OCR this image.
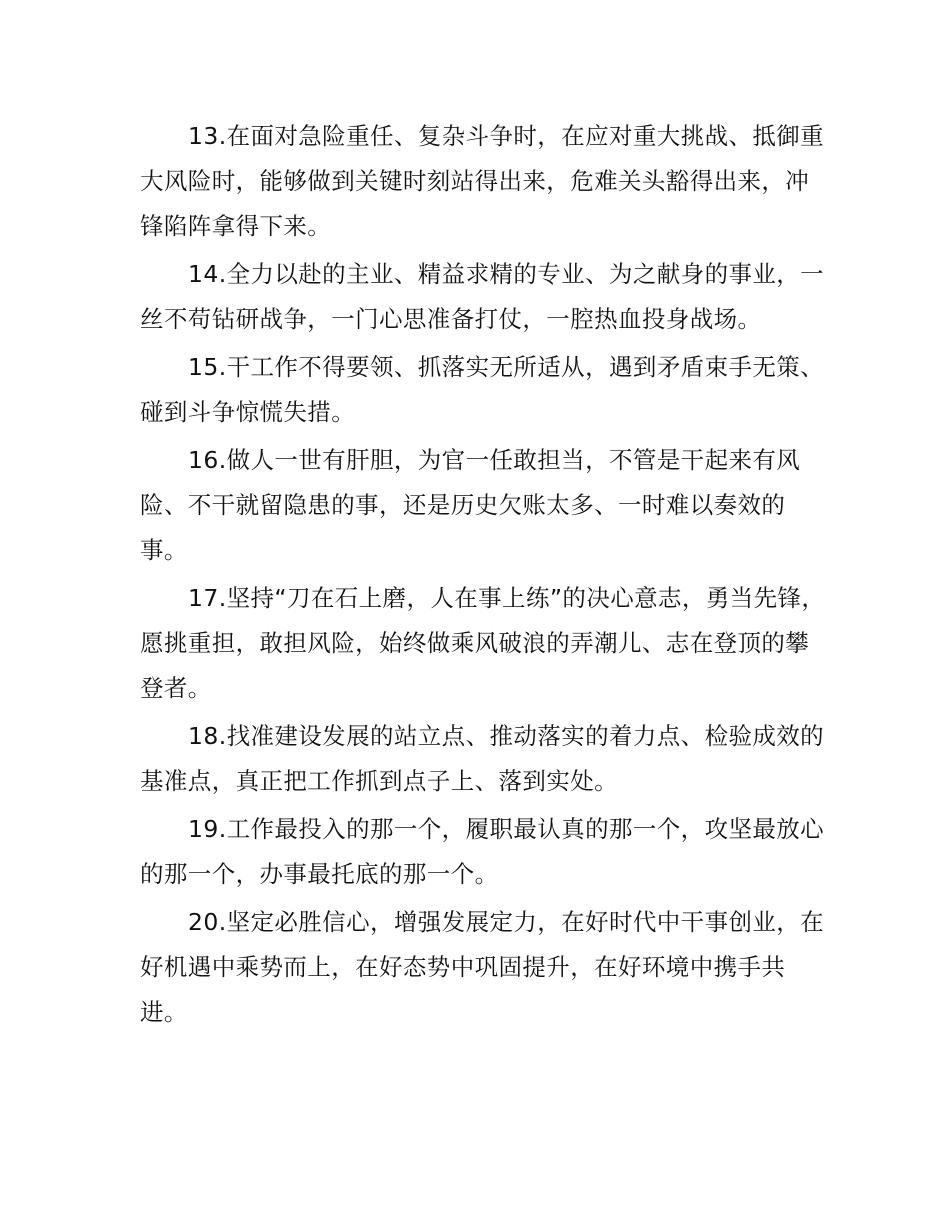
13.在面对急险重任、复杂斗争时，在应对重大挑战、抵御重大风险时，能够做到关键时刻站得出来，危难关头豁得出来，冲锋陷阵拿得下来。

14.全力以赴的主业、精益求精的专业、为之献身的事业，一丝不苟钻研战争，一门心思准备打仗，一腔热血投身战场。

15.干工作不得要领、抓落实无所适从，遇到矛盾束手无策、碰到斗争惊慌失措。

16.做人一世有肝胆，为官一任敢担当，不管是干起来有风险、不干就留隐患的事，还是历史欠账太多、一时难以奏效的事。

17.坚持“刀在石上磨，人在事上练”的决心意志，勇当先锋，愿挑重担，敢担风险，始终做乘风破浪的弄潮儿、志在登顶的攀登者。

18.找准建设发展的站立点、推动落实的着力点、检验成效的基准点，真正把工作抓到点子上、落到实处。

19.工作最投入的那一个，履职最认真的那一个，攻坚最放心的那一个，办事最托底的那一个。

20.坚定必胜信心，增强发展定力，在好时代中干事创业，在好机遇中乘势而上，在好态势中巩固提升，在好环境中携手共进。
